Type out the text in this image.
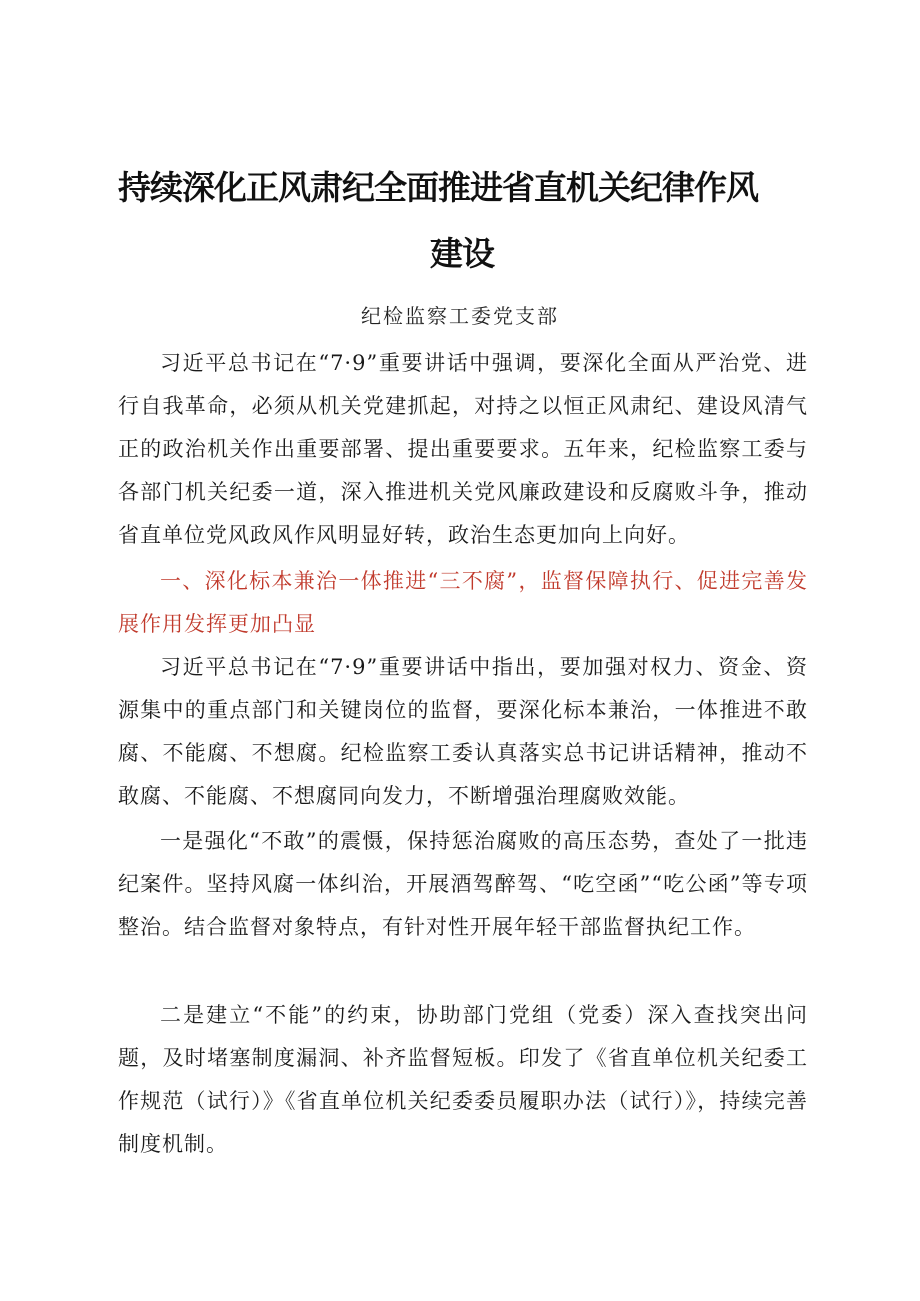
持续深化正风肃纪全面推进省直机关纪律作风
建设
纪检监察工委党支部
习近平总书记在“7·9”重要讲话中强调，要深化全面从严治党、进行自我革命，必须从机关党建抓起，对持之以恒正风肃纪、建设风清气正的政治机关作出重要部署、提出重要要求。五年来，纪检监察工委与各部门机关纪委一道，深入推进机关党风廉政建设和反腐败斗争，推动省直单位党风政风作风明显好转，政治生态更加向上向好。
一、深化标本兼治一体推进“三不腐”，监督保障执行、促进完善发展作用发挥更加凸显
习近平总书记在“7·9”重要讲话中指出，要加强对权力、资金、资源集中的重点部门和关键岗位的监督，要深化标本兼治，一体推进不敢腐、不能腐、不想腐。纪检监察工委认真落实总书记讲话精神，推动不敢腐、不能腐、不想腐同向发力，不断增强治理腐败效能。
一是强化“不敢”的震慑，保持惩治腐败的高压态势，查处了一批违纪案件。坚持风腐一体纠治，开展酒驾醉驾、“吃空函”“吃公函”等专项整治。结合监督对象特点，有针对性开展年轻干部监督执纪工作。
二是建立“不能”的约束，协助部门党组（党委）深入查找突出问题，及时堵塞制度漏洞、补齐监督短板。印发了《省直单位机关纪委工作规范（试行）》《省直单位机关纪委委员履职办法（试行）》，持续完善制度机制。
